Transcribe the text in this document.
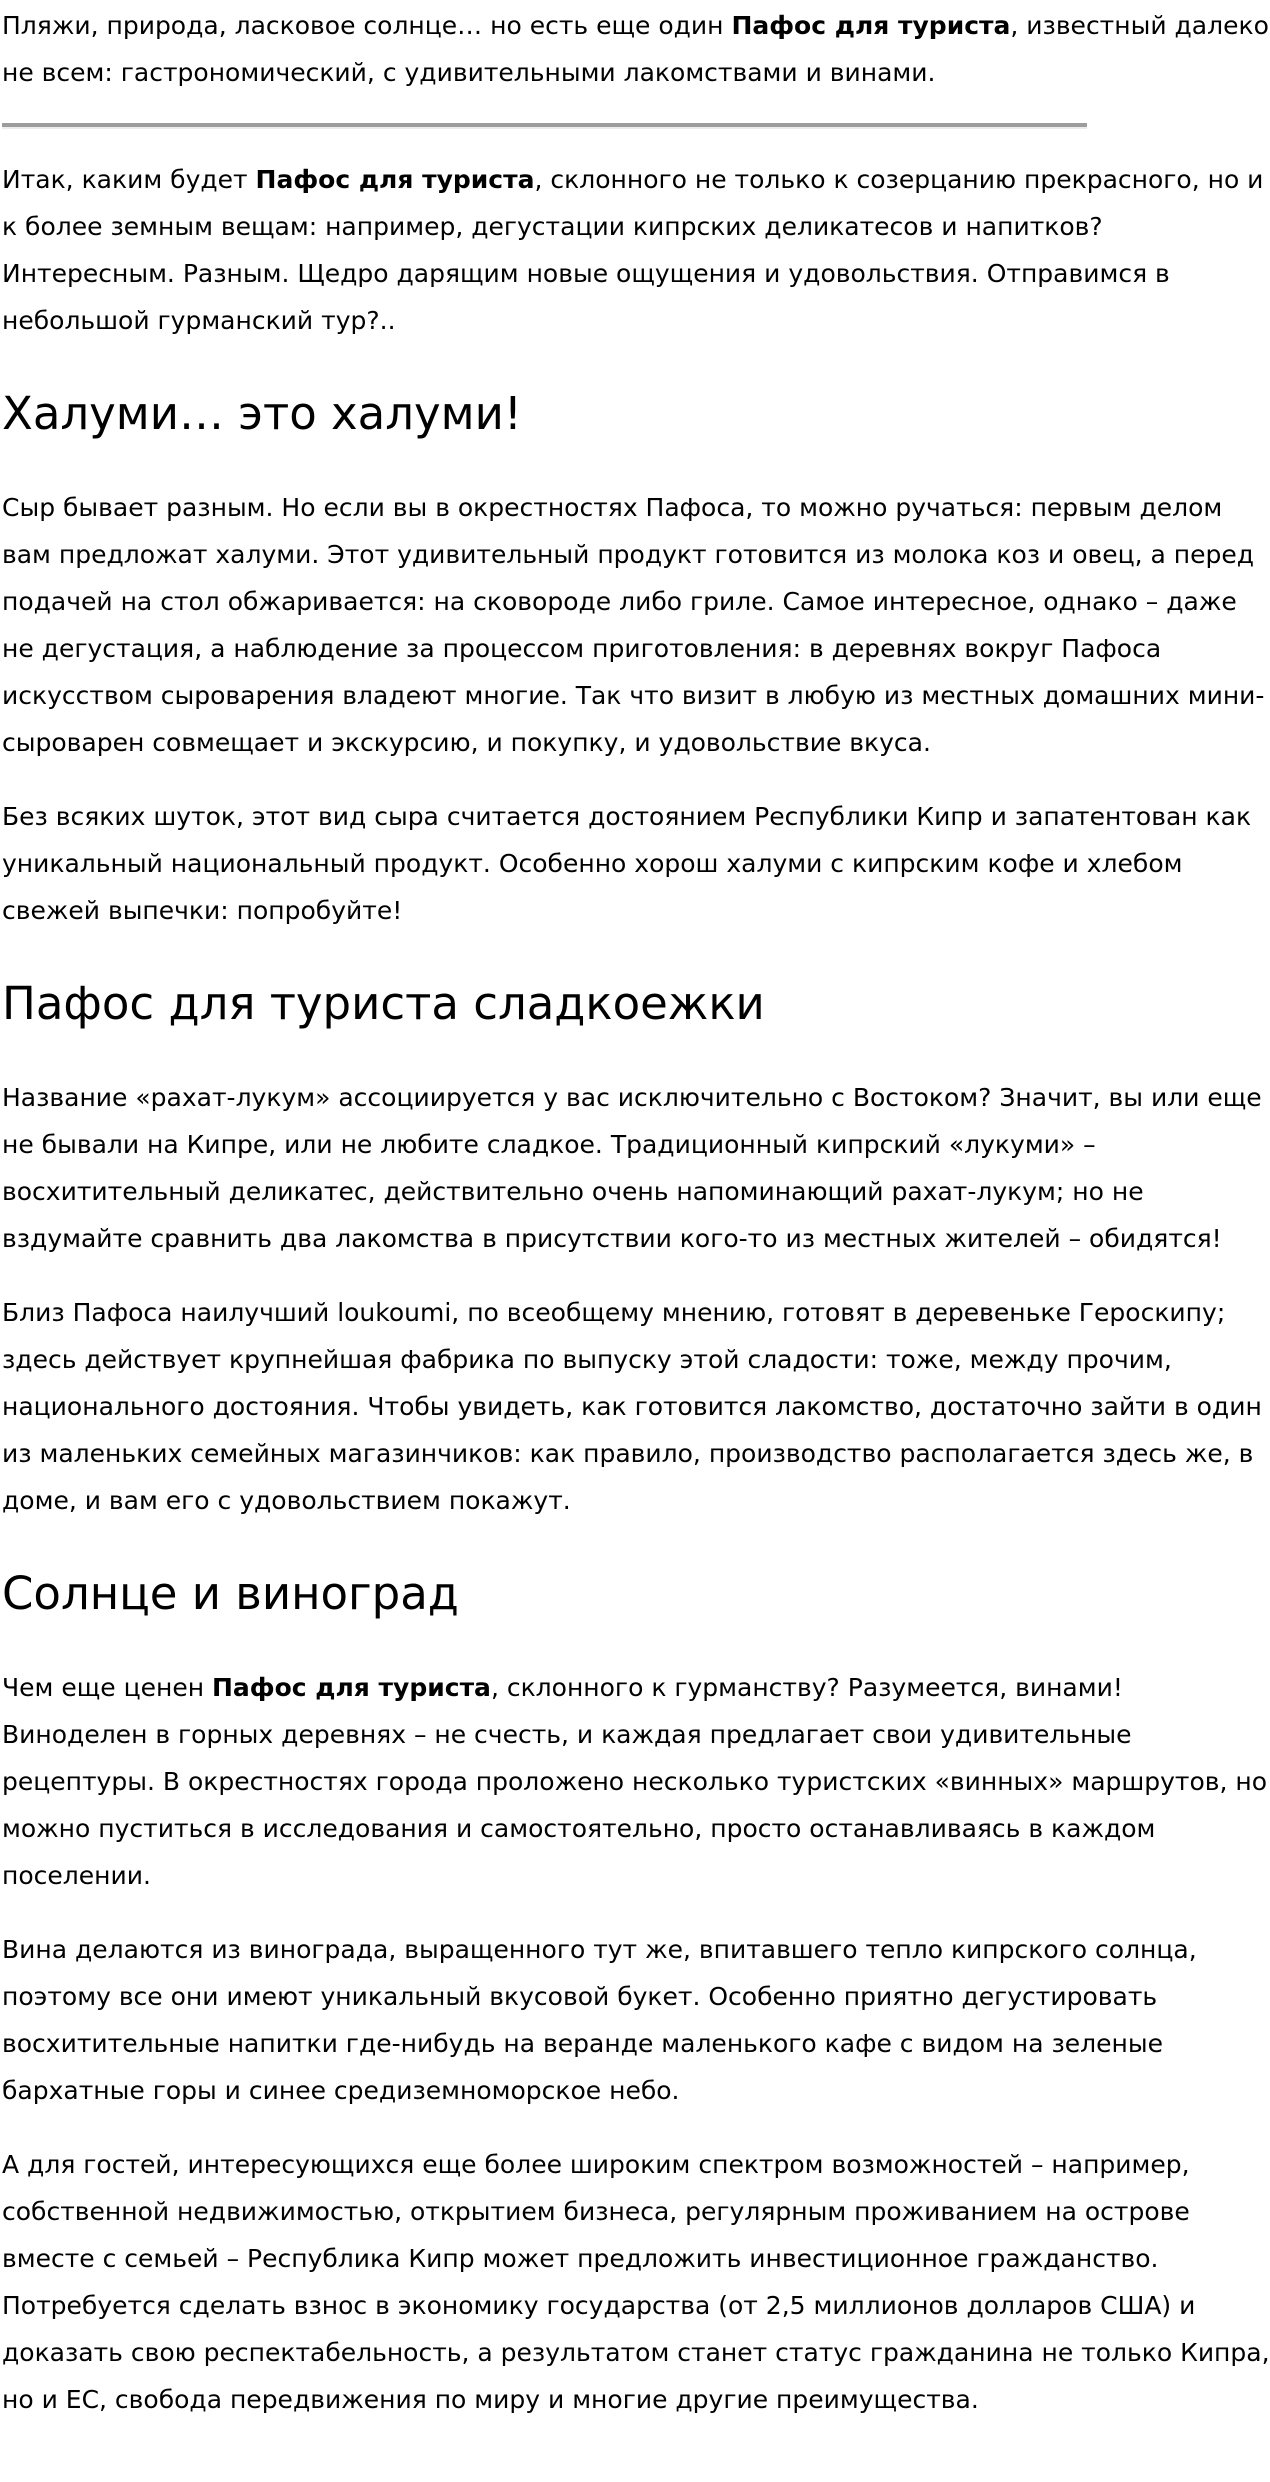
Пляжи, природа, ласковое солнце… но есть еще один Пафос для туриста, известный далеко не всем: гастрономический, с удивительными лакомствами и винами.

Итак, каким будет Пафос для туриста, склонного не только к созерцанию прекрасного, но и к более земным вещам: например, дегустации кипрских деликатесов и напитков? Интересным. Разным. Щедро дарящим новые ощущения и удовольствия. Отправимся в небольшой гурманский тур?..

Халуми… это халуми!

Сыр бывает разным. Но если вы в окрестностях Пафоса, то можно ручаться: первым делом вам предложат халуми. Этот удивительный продукт готовится из молока коз и овец, а перед подачей на стол обжаривается: на сковороде либо гриле. Самое интересное, однако – даже не дегустация, а наблюдение за процессом приготовления: в деревнях вокруг Пафоса искусством сыроварения владеют многие. Так что визит в любую из местных домашних мини-сыроварен совмещает и экскурсию, и покупку, и удовольствие вкуса.

Без всяких шуток, этот вид сыра считается достоянием Республики Кипр и запатентован как уникальный национальный продукт. Особенно хорош халуми с кипрским кофе и хлебом свежей выпечки: попробуйте!

Пафос для туриста сладкоежки

Название «рахат-лукум» ассоциируется у вас исключительно с Востоком? Значит, вы или еще не бывали на Кипре, или не любите сладкое. Традиционный кипрский «лукуми» – восхитительный деликатес, действительно очень напоминающий рахат-лукум; но не вздумайте сравнить два лакомства в присутствии кого-то из местных жителей – обидятся!

Близ Пафоса наилучший loukoumi, по всеобщему мнению, готовят в деревеньке Героскипу; здесь действует крупнейшая фабрика по выпуску этой сладости: тоже, между прочим, национального достояния. Чтобы увидеть, как готовится лакомство, достаточно зайти в один из маленьких семейных магазинчиков: как правило, производство располагается здесь же, в доме, и вам его с удовольствием покажут.

Солнце и виноград

Чем еще ценен Пафос для туриста, склонного к гурманству? Разумеется, винами! Виноделен в горных деревнях – не счесть, и каждая предлагает свои удивительные рецептуры. В окрестностях города проложено несколько туристских «винных» маршрутов, но можно пуститься в исследования и самостоятельно, просто останавливаясь в каждом поселении.

Вина делаются из винограда, выращенного тут же, впитавшего тепло кипрского солнца, поэтому все они имеют уникальный вкусовой букет. Особенно приятно дегустировать восхитительные напитки где-нибудь на веранде маленького кафе с видом на зеленые бархатные горы и синее средиземноморское небо.

А для гостей, интересующихся еще более широким спектром возможностей – например, собственной недвижимостью, открытием бизнеса, регулярным проживанием на острове вместе с семьей – Республика Кипр может предложить инвестиционное гражданство. Потребуется сделать взнос в экономику государства (от 2,5 миллионов долларов США) и доказать свою респектабельность, а результатом станет статус гражданина не только Кипра, но и ЕС, свобода передвижения по миру и многие другие преимущества.
